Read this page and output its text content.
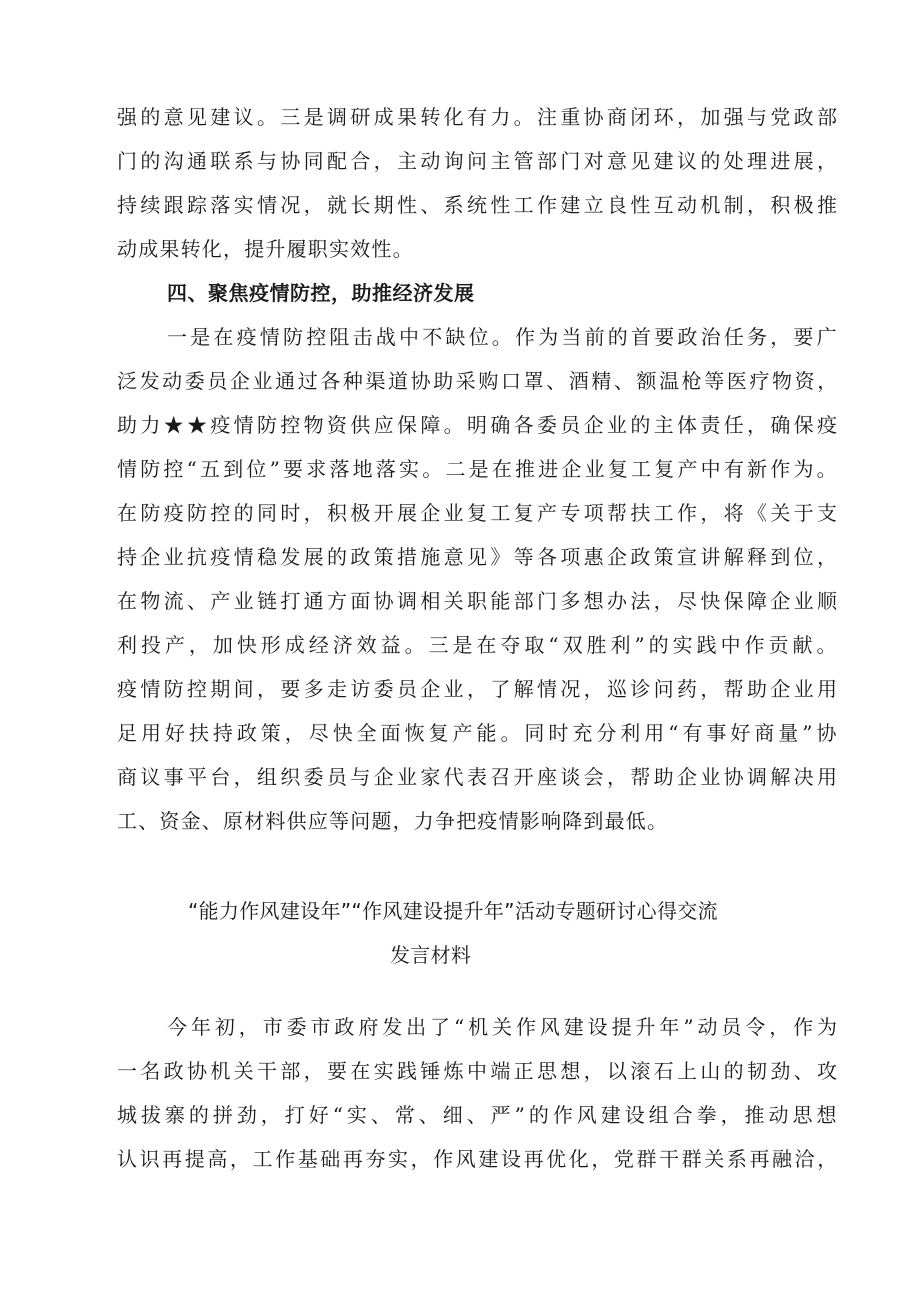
强的意见建议。三是调研成果转化有力。注重协商闭环，加强与党政部
门的沟通联系与协同配合，主动询问主管部门对意见建议的处理进展，
持续跟踪落实情况，就长期性、系统性工作建立良性互动机制，积极推
动成果转化，提升履职实效性。
四、聚焦疫情防控，助推经济发展
一是在疫情防控阻击战中不缺位。作为当前的首要政治任务，要广
泛发动委员企业通过各种渠道协助采购口罩、酒精、额温枪等医疗物资，
助力★★疫情防控物资供应保障。明确各委员企业的主体责任，确保疫
情防控“五到位”要求落地落实。二是在推进企业复工复产中有新作为。
在防疫防控的同时，积极开展企业复工复产专项帮扶工作，将《关于支
持企业抗疫情稳发展的政策措施意见》等各项惠企政策宣讲解释到位，
在物流、产业链打通方面协调相关职能部门多想办法，尽快保障企业顺
利投产，加快形成经济效益。三是在夺取“双胜利”的实践中作贡献。
疫情防控期间，要多走访委员企业，了解情况，巡诊问药，帮助企业用
足用好扶持政策，尽快全面恢复产能。同时充分利用“有事好商量”协
商议事平台，组织委员与企业家代表召开座谈会，帮助企业协调解决用
工、资金、原材料供应等问题，力争把疫情影响降到最低。
“能力作风建设年”“作风建设提升年”活动专题研讨心得交流
发言材料
今年初，市委市政府发出了“机关作风建设提升年”动员令，作为
一名政协机关干部，要在实践锤炼中端正思想，以滚石上山的韧劲、攻
城拔寨的拼劲，打好“实、常、细、严”的作风建设组合拳，推动思想
认识再提高，工作基础再夯实，作风建设再优化，党群干群关系再融洽，
